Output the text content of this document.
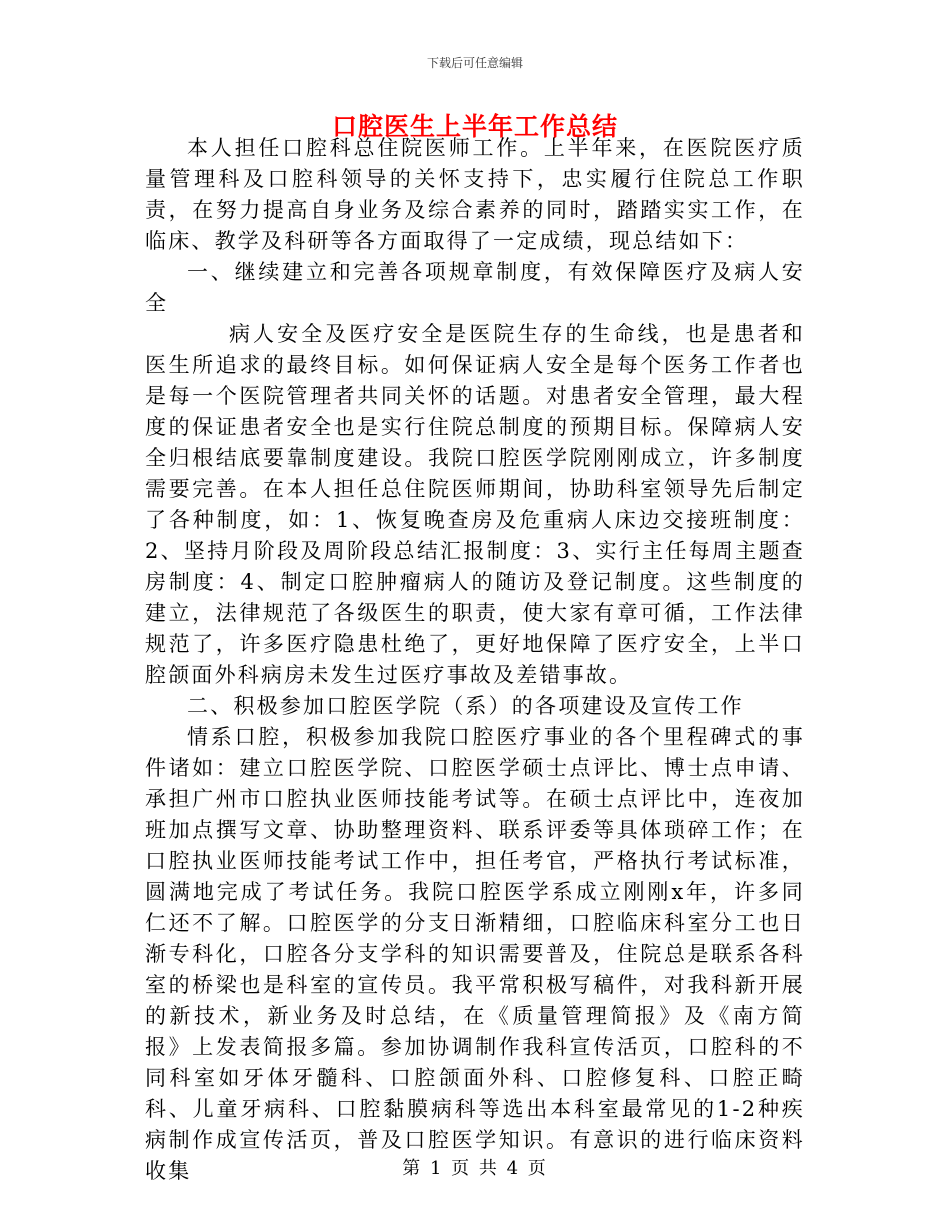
下载后可任意编辑
口腔医生上半年工作总结

本人担任口腔科总住院医师工作。上半年来，在医院医疗质量管理科及口腔科领导的关怀支持下，忠实履行住院总工作职责，在努力提高自身业务及综合素养的同时，踏踏实实工作，在临床、教学及科研等各方面取得了一定成绩，现总结如下：

一、继续建立和完善各项规章制度，有效保障医疗及病人安全

病人安全及医疗安全是医院生存的生命线，也是患者和医生所追求的最终目标。如何保证病人安全是每个医务工作者也是每一个医院管理者共同关怀的话题。对患者安全管理，最大程度的保证患者安全也是实行住院总制度的预期目标。保障病人安全归根结底要靠制度建设。我院口腔医学院刚刚成立，许多制度需要完善。在本人担任总住院医师期间，协助科室领导先后制定了各种制度，如：1、恢复晚查房及危重病人床边交接班制度：2、坚持月阶段及周阶段总结汇报制度：3、实行主任每周主题查房制度：4、制定口腔肿瘤病人的随访及登记制度。这些制度的建立，法律规范了各级医生的职责，使大家有章可循，工作法律规范了，许多医疗隐患杜绝了，更好地保障了医疗安全，上半口腔颌面外科病房未发生过医疗事故及差错事故。

二、积极参加口腔医学院（系）的各项建设及宣传工作

情系口腔，积极参加我院口腔医疗事业的各个里程碑式的事件诸如：建立口腔医学院、口腔医学硕士点评比、博士点申请、承担广州市口腔执业医师技能考试等。在硕士点评比中，连夜加班加点撰写文章、协助整理资料、联系评委等具体琐碎工作；在口腔执业医师技能考试工作中，担任考官，严格执行考试标准，圆满地完成了考试任务。我院口腔医学系成立刚刚x年，许多同仁还不了解。口腔医学的分支日渐精细，口腔临床科室分工也日渐专科化，口腔各分支学科的知识需要普及，住院总是联系各科室的桥梁也是科室的宣传员。我平常积极写稿件，对我科新开展的新技术，新业务及时总结，在《质量管理简报》及《南方简报》上发表简报多篇。参加协调制作我科宣传活页，口腔科的不同科室如牙体牙髓科、口腔颌面外科、口腔修复科、口腔正畸科、儿童牙病科、口腔黏膜病科等选出本科室最常见的1-2种疾病制作成宣传活页，普及口腔医学知识。有意识的进行临床资料收集	第 1 页 共 4 页
